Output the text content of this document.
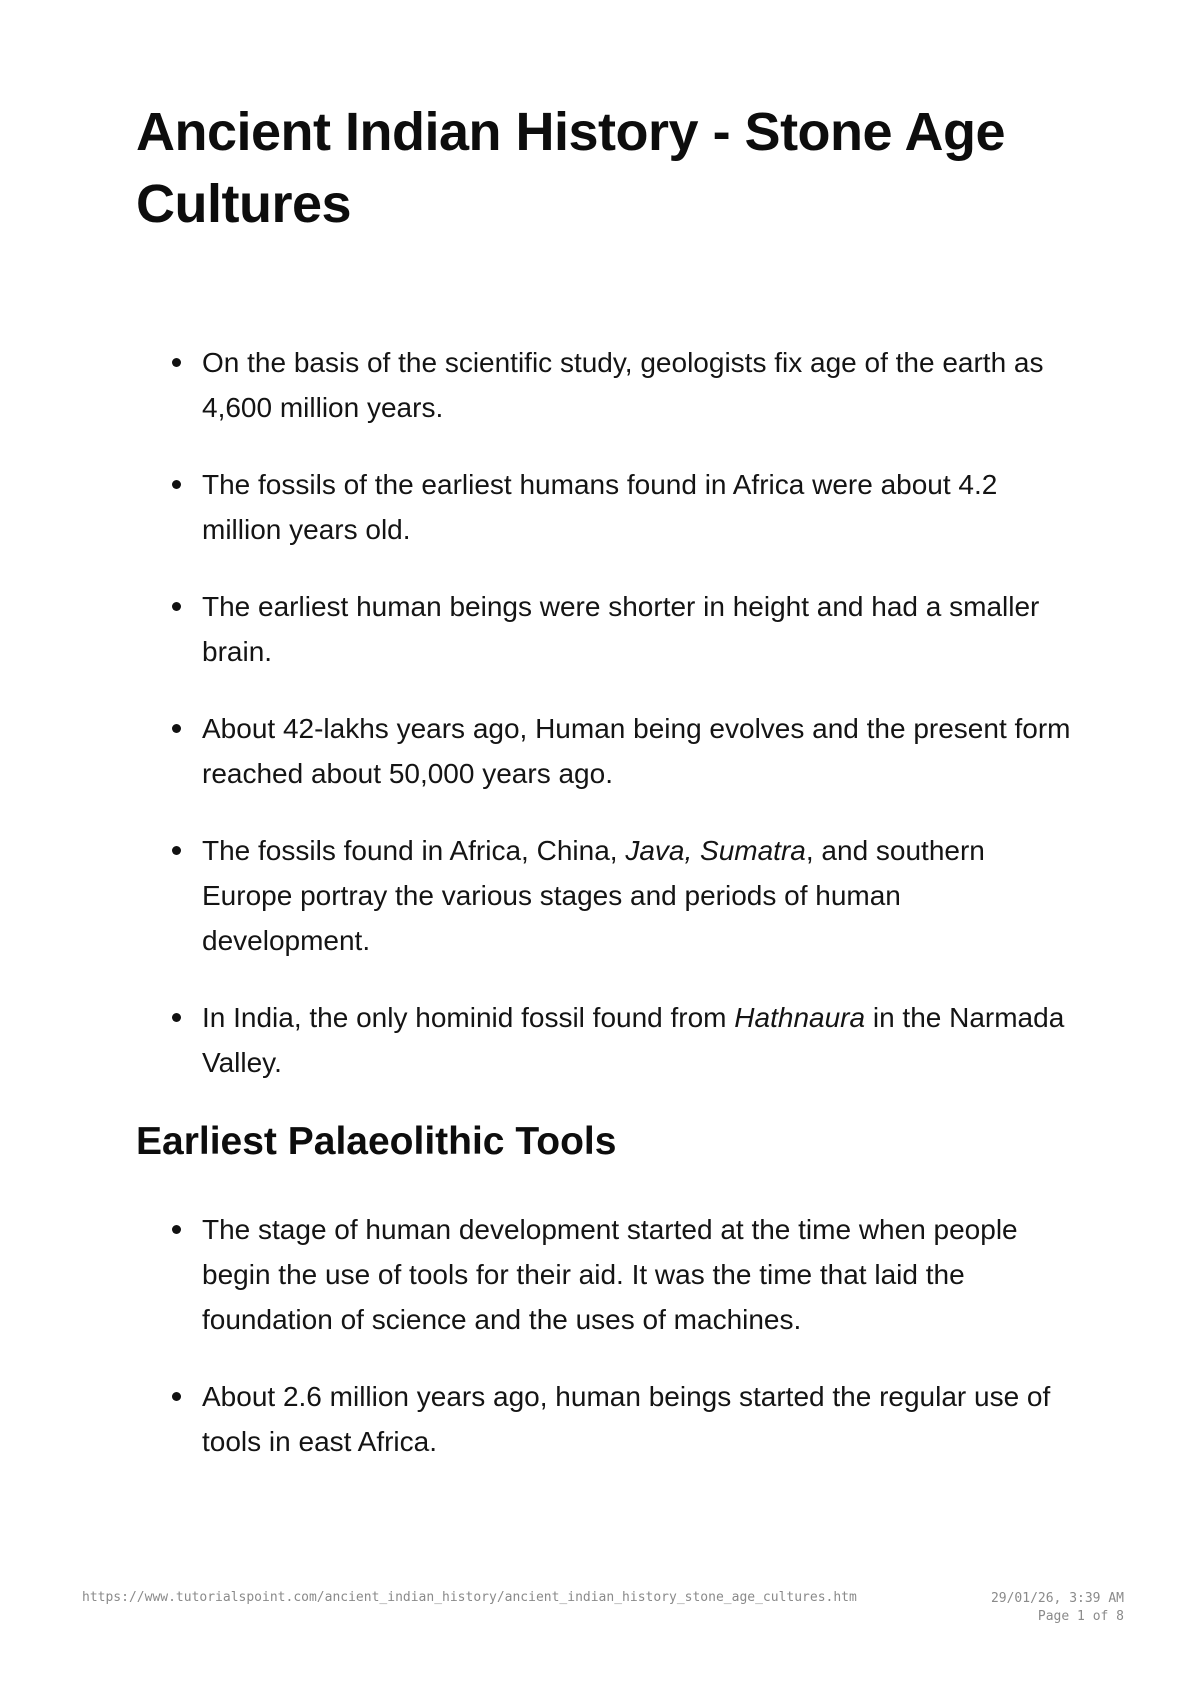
Ancient Indian History - Stone Age Cultures
On the basis of the scientific study, geologists fix age of the earth as 4,600 million years.
The fossils of the earliest humans found in Africa were about 4.2 million years old.
The earliest human beings were shorter in height and had a smaller brain.
About 42-lakhs years ago, Human being evolves and the present form reached about 50,000 years ago.
The fossils found in Africa, China, Java, Sumatra, and southern Europe portray the various stages and periods of human development.
In India, the only hominid fossil found from Hathnaura in the Narmada Valley.
Earliest Palaeolithic Tools
The stage of human development started at the time when people begin the use of tools for their aid. It was the time that laid the foundation of science and the uses of machines.
About 2.6 million years ago, human beings started the regular use of tools in east Africa.
https://www.tutorialspoint.com/ancient_indian_history/ancient_indian_history_stone_age_cultures.htm	29/01/26, 3:39 AM
Page 1 of 8
